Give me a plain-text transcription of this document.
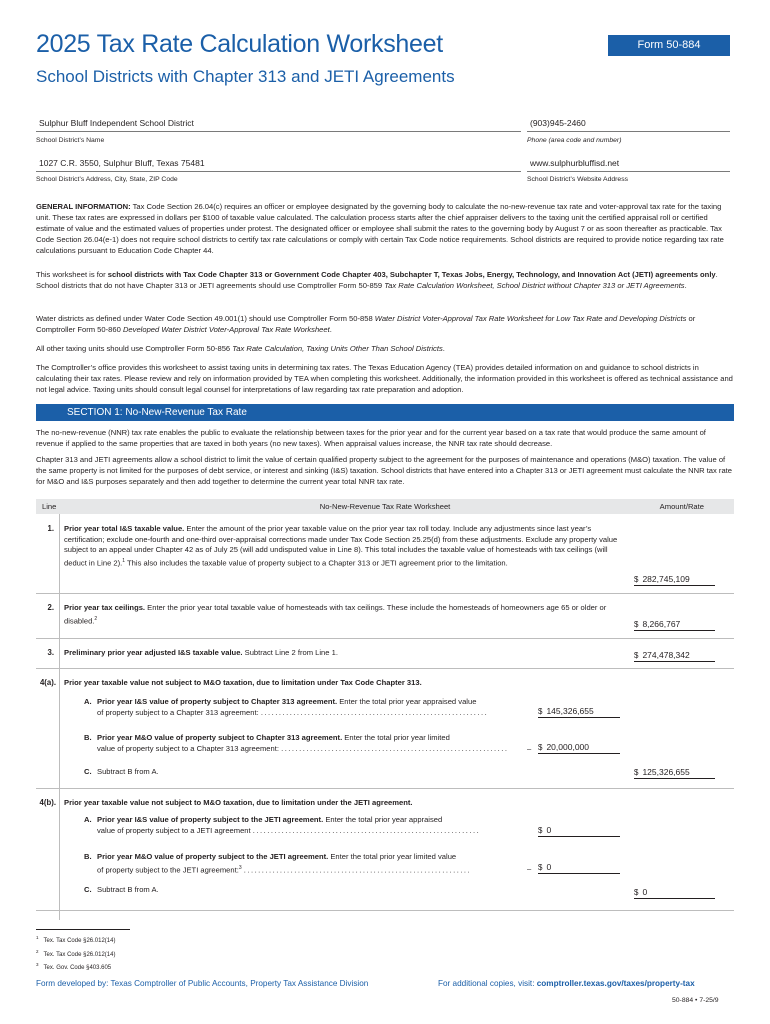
2025 Tax Rate Calculation Worksheet	Form 50-884
School Districts with Chapter 313 and JETI Agreements
Sulphur Bluff Independent School District
School District’s Name
(903)945-2460
Phone (area code and number)
1027 C.R. 3550, Sulphur Bluff, Texas 75481
School District’s Address, City, State, ZIP Code
www.sulphurbluffisd.net
School District’s Website Address

GENERAL INFORMATION: Tax Code Section 26.04(c) requires an officer or employee designated by the governing body to calculate the no-new-revenue tax rate and voter-approval tax rate for the taxing unit. These tax rates are expressed in dollars per $100 of taxable value calculated. The calculation process starts after the chief appraiser delivers to the taxing unit the certified appraisal roll or certified estimate of value and the estimated values of properties under protest. The designated officer or employee shall submit the rates to the governing body by August 7 or as soon thereafter as practicable. Tax Code Section 26.04(e-1) does not require school districts to certify tax rate calculations or comply with certain Tax Code notice requirements. School districts are required to provide notice regarding tax rate calculations pursuant to Education Code Chapter 44.

This worksheet is for school districts with Tax Code Chapter 313 or Government Code Chapter 403, Subchapter T, Texas Jobs, Energy, Technology, and Innovation Act (JETI) agreements only. School districts that do not have Chapter 313 or JETI agreements should use Comptroller Form 50-859 Tax Rate Calculation Worksheet, School District without Chapter 313 or JETI Agreements.

Water districts as defined under Water Code Section 49.001(1) should use Comptroller Form 50-858 Water District Voter-Approval Tax Rate Worksheet for Low Tax Rate and Developing Districts or Comptroller Form 50-860 Developed Water District Voter-Approval Tax Rate Worksheet.

All other taxing units should use Comptroller Form 50-856 Tax Rate Calculation, Taxing Units Other Than School Districts.

The Comptroller’s office provides this worksheet to assist taxing units in determining tax rates. The Texas Education Agency (TEA) provides detailed information on and guidance to school districts in calculating their tax rates. Please review and rely on information provided by TEA when completing this worksheet. Additionally, the information provided in this worksheet is offered as technical assistance and not legal advice. Taxing units should consult legal counsel for interpretations of law regarding tax rate preparation and adoption.

SECTION 1: No-New-Revenue Tax Rate

The no-new-revenue (NNR) tax rate enables the public to evaluate the relationship between taxes for the prior year and for the current year based on a tax rate that would produce the same amount of revenue if applied to the same properties that are taxed in both years (no new taxes). When appraisal values increase, the NNR tax rate should decrease.

Chapter 313 and JETI agreements allow a school district to limit the value of certain qualified property subject to the agreement for the purposes of maintenance and operations (M&O) taxation. The value of the same property is not limited for the purposes of debt service, or interest and sinking (I&S) taxation. School districts that have entered into a Chapter 313 or JETI agreement must calculate the NNR tax rate for M&O and I&S purposes separately and then add together to determine the current year total NNR tax rate.

No-New-Revenue Tax Rate Worksheet
Line	Amount/Rate
1. Prior year total I&S taxable value. Enter the amount of the prior year taxable value on the prior year tax roll today. Include any adjustments since last year’s certification; exclude one-fourth and one-third over-appraisal corrections made under Tax Code Section 25.25(d) from these adjustments. Exclude any property value subject to an appeal under Chapter 42 as of July 25 (will add undisputed value in Line 8). This total includes the taxable value of homesteads with tax ceilings (will deduct in Line 2).$^1$ This also includes the taxable value of property subject to a Chapter 313 or JETI agreement prior to the limitation.
$ 282,745,109
2. Prior year tax ceilings. Enter the prior year total taxable value of homesteads with tax ceilings. These include the homesteads of homeowners age 65 or older or disabled.$^2$
$ 8,266,767
3. Preliminary prior year adjusted I&S taxable value. Subtract Line 2 from Line 1.	$ 274,478,342
4(a). Prior year taxable value not subject to M&O taxation, due to limitation under Tax Code Chapter 313.
A. Prior year I&S value of property subject to Chapter 313 agreement. Enter the total prior year appraised value
of property subject to a Chapter 313 agreement: ...............................................................	$ 145,326,655
B. Prior year M&O value of property subject to Chapter 313 agreement. Enter the total prior year limited
value of property subject to a Chapter 313 agreement: ...............................................................	– $ 20,000,000
C. Subtract B from A.	$ 125,326,655
4(b). Prior year taxable value not subject to M&O taxation, due to limitation under the JETI agreement.
A. Prior year I&S value of property subject to the JETI agreement. Enter the total prior year appraised
value of property subject to a JETI agreement ...............................................................	$ 0
B. Prior year M&O value of property subject to the JETI agreement. Enter the total prior year limited value
of property subject to the JETI agreement:$^3$ ...............................................................	– $ 0
C. Subtract B from A.	$ 0
$^1$   Tex. Tax Code §26.012(14)
$^2$   Tex. Tax Code §26.012(14)
$^3$   Tex. Gov. Code §403.605
Form developed by: Texas Comptroller of Public Accounts, Property Tax Assistance Division	For additional copies, visit: comptroller.texas.gov/taxes/property-tax
50-884 • 7-25/9
